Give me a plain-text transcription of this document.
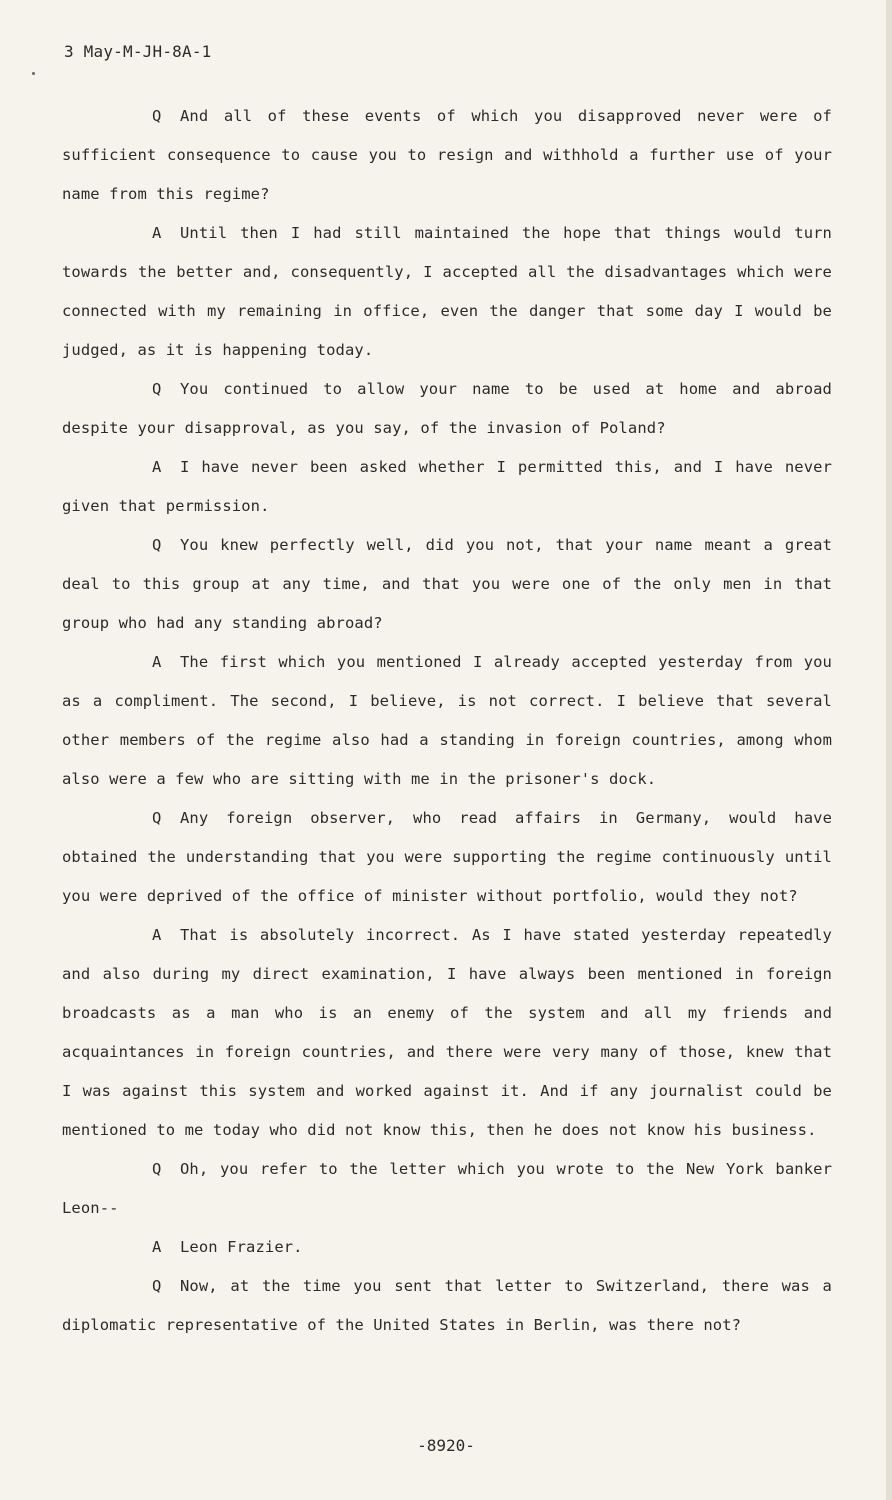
3 May-M-JH-8A-1

Q And all of these events of which you disapproved never were of sufficient consequence to cause you to resign and withhold a further use of your name from this regime?

A Until then I had still maintained the hope that things would turn towards the better and, consequently, I accepted all the disadvantages which were connected with my remaining in office, even the danger that some day I would be judged, as it is happening today.

Q You continued to allow your name to be used at home and abroad despite your disapproval, as you say, of the invasion of Poland?

A I have never been asked whether I permitted this, and I have never given that permission.

Q You knew perfectly well, did you not, that your name meant a great deal to this group at any time, and that you were one of the only men in that group who had any standing abroad?

A The first which you mentioned I already accepted yesterday from you as a compliment. The second, I believe, is not correct. I believe that several other members of the regime also had a standing in foreign countries, among whom also were a few who are sitting with me in the prisoner's dock.

Q Any foreign observer, who read affairs in Germany, would have obtained the understanding that you were supporting the regime continuously until you were deprived of the office of minister without portfolio, would they not?

A That is absolutely incorrect. As I have stated yesterday repeatedly and also during my direct examination, I have always been mentioned in foreign broadcasts as a man who is an enemy of the system and all my friends and acquaintances in foreign countries, and there were very many of those, knew that I was against this system and worked against it. And if any journalist could be mentioned to me today who did not know this, then he does not know his business.

Q Oh, you refer to the letter which you wrote to the New York banker Leon--

A Leon Frazier.

Q Now, at the time you sent that letter to Switzerland, there was a diplomatic representative of the United States in Berlin, was there not?

-8920-
